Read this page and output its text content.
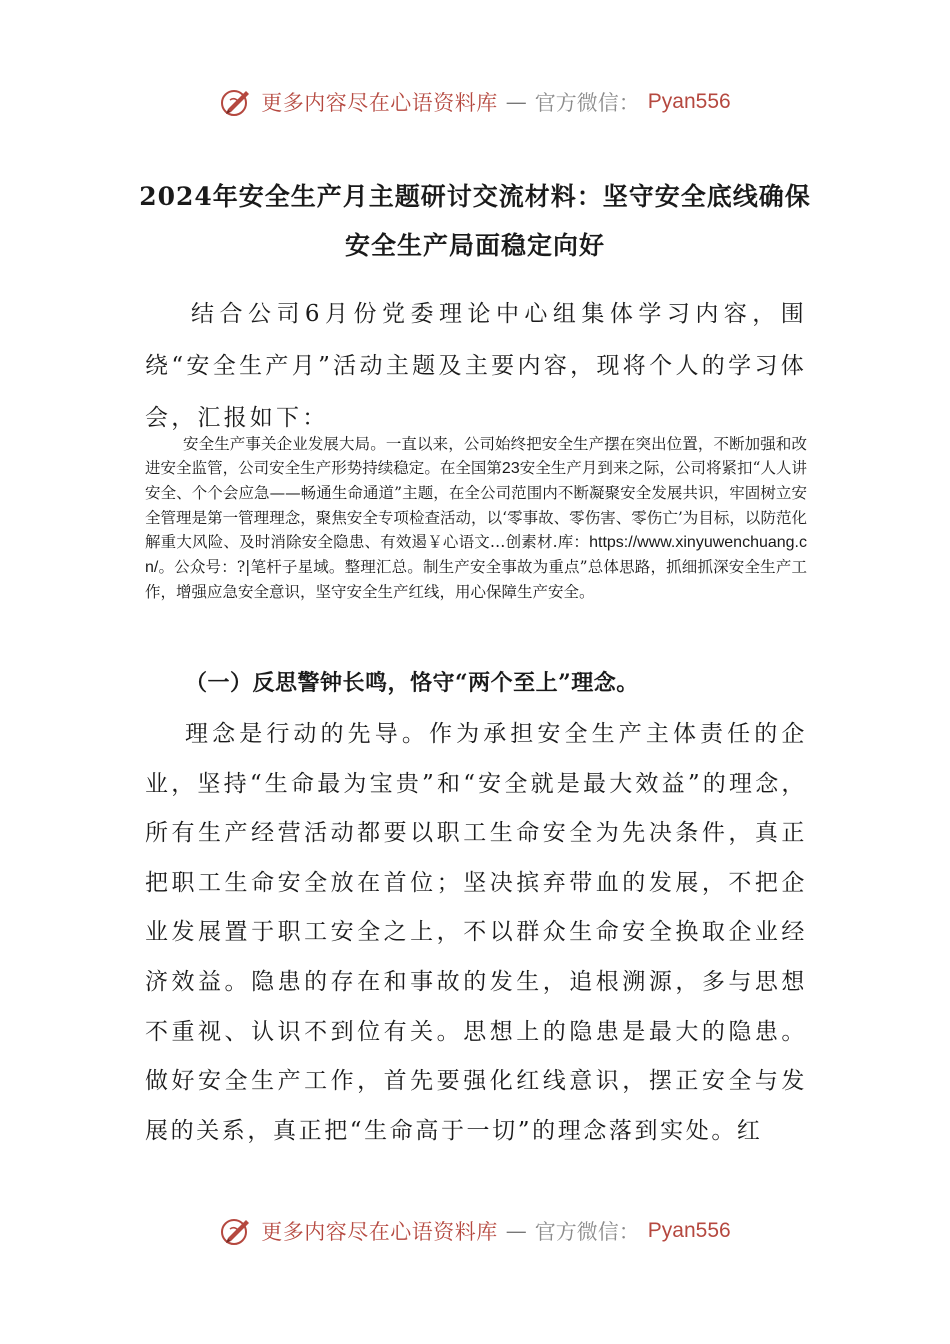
更多内容尽在心语资料库 — 官方微信： Pyan556
2024年安全生产月主题研讨交流材料：坚守安全底线确保
安全生产局面稳定向好

结合公司6月份党委理论中心组集体学习内容，围绕“安全生产月”活动主题及主要内容，现将个人的学习体会，汇报如下：

安全生产事关企业发展大局。一直以来，公司始终把安全生产摆在突出位置，不断加强和改进安全监管，公司安全生产形势持续稳定。在全国第23安全生产月到来之际，公司将紧扣“人人讲安全、个个会应急——畅通生命通道”主题，在全公司范围内不断凝聚安全发展共识，牢固树立安全管理是第一管理理念，聚焦安全专项检查活动，以‘零事故、零伤害、零伤亡’为目标，以防范化解重大风险、及时消除安全隐患、有效遏￥心语文…创素材.库：https://www.xinyuwenchuang.cn/。公众号：?|笔杆子星域。整理汇总。制生产安全事故为重点”总体思路，抓细抓深安全生产工作，增强应急安全意识，坚守安全生产红线，用心保障生产安全。

（一）反思警钟长鸣，恪守“两个至上”理念。

理念是行动的先导。作为承担安全生产主体责任的企业，坚持“生命最为宝贵”和“安全就是最大效益”的理念，所有生产经营活动都要以职工生命安全为先决条件，真正把职工生命安全放在首位；坚决摈弃带血的发展，不把企业发展置于职工安全之上，不以群众生命安全换取企业经济效益。隐患的存在和事故的发生，追根溯源，多与思想不重视、认识不到位有关。思想上的隐患是最大的隐患。做好安全生产工作，首先要强化红线意识，摆正安全与发展的关系，真正把“生命高于一切”的理念落到实处。红

更多内容尽在心语资料库 — 官方微信： Pyan556
